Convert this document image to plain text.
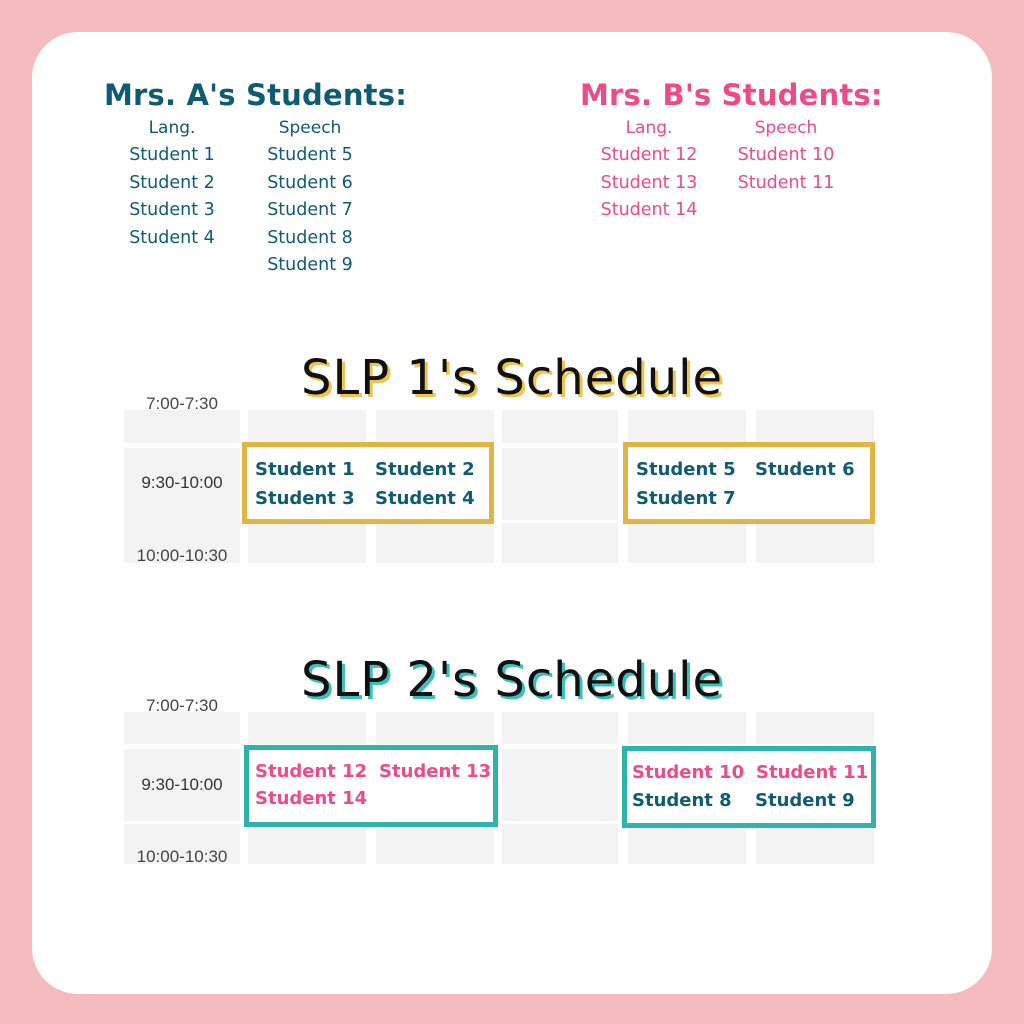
Mrs. A's Students:
Lang.
Student 1
Student 2
Student 3
Student 4
Speech
Student 5
Student 6
Student 7
Student 8
Student 9
Mrs. B's Students:
Lang.
Student 12
Student 13
Student 14
Speech
Student 10
Student 11
SLP 1's Schedule
7:00-7:30
9:30-10:00
10:00-10:30
Student 1 Student 2
Student 3 Student 4
Student 5 Student 6
Student 7
SLP 2's Schedule
7:00-7:30
9:30-10:00
10:00-10:30
Student 12 Student 13
Student 14
Student 10 Student 11
Student 8 Student 9
